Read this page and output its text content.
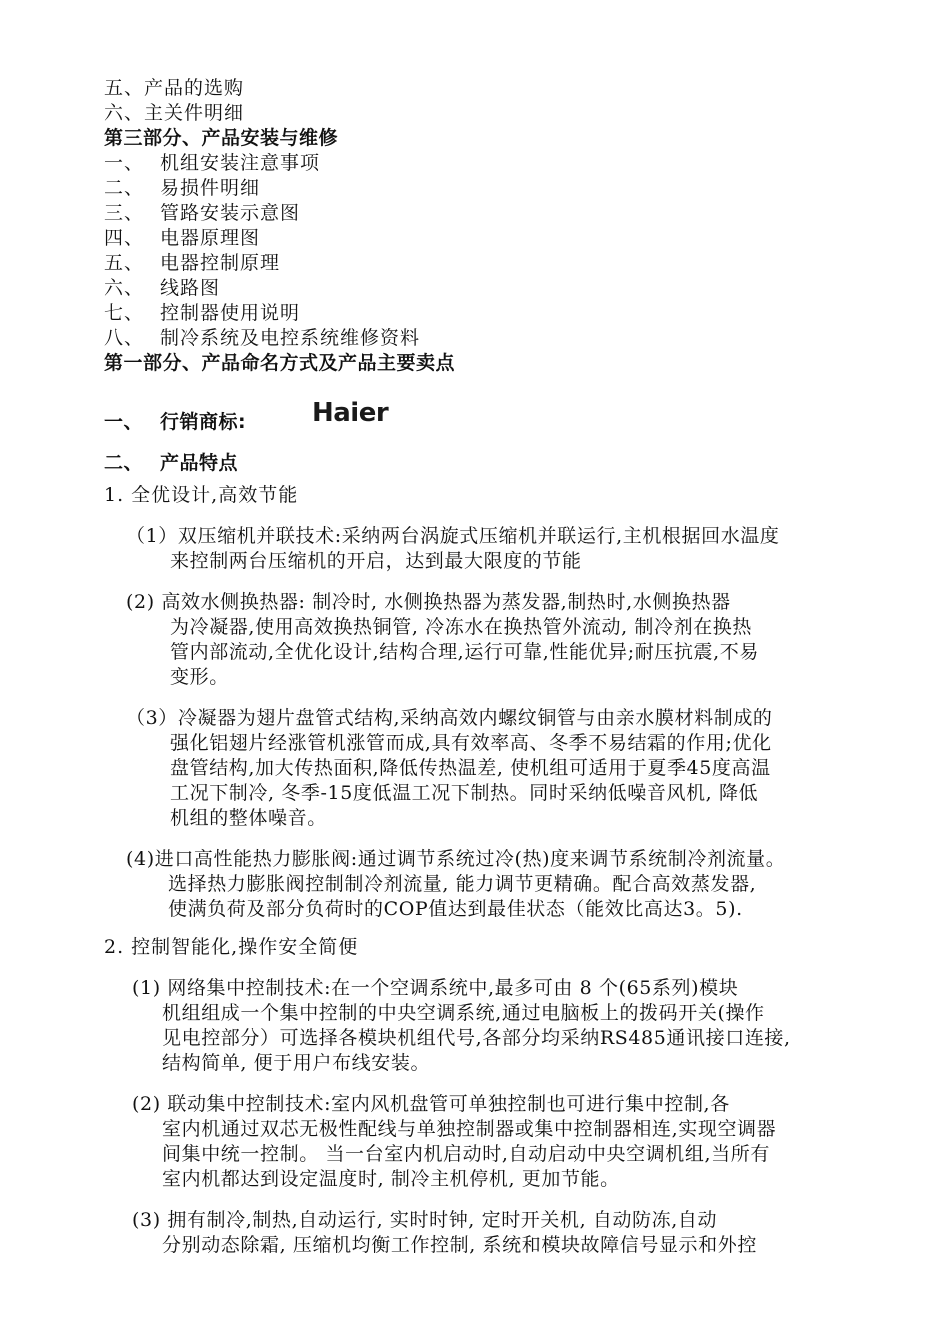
五、产品的选购
六、主关件明细
第三部分、产品安装与维修
一、 机组安装注意事项
二、 易损件明细
三、 管路安装示意图
四、 电器原理图
五、 电器控制原理
六、 线路图
七、 控制器使用说明
八、 制冷系统及电控系统维修资料
第一部分、产品命名方式及产品主要卖点
一、 行销商标:	Haier
二、 产品特点
1. 全优设计,高效节能
（1）双压缩机并联技术:采纳两台涡旋式压缩机并联运行,主机根据回水温度
来控制两台压缩机的开启，达到最大限度的节能
(2) 高效水侧换热器: 制冷时, 水侧换热器为蒸发器,制热时,水侧换热器
为冷凝器,使用高效换热铜管, 冷冻水在换热管外流动, 制冷剂在换热
管内部流动,全优化设计,结构合理,运行可靠,性能优异;耐压抗震,不易
变形。
（3）冷凝器为翅片盘管式结构,采纳高效内螺纹铜管与由亲水膜材料制成的
强化铝翅片经涨管机涨管而成,具有效率高、冬季不易结霜的作用;优化
盘管结构,加大传热面积,降低传热温差, 使机组可适用于夏季45度高温
工况下制冷, 冬季-15度低温工况下制热。同时采纳低噪音风机, 降低
机组的整体噪音。
(4)进口高性能热力膨胀阀:通过调节系统过冷(热)度来调节系统制冷剂流量。
选择热力膨胀阀控制制冷剂流量, 能力调节更精确。配合高效蒸发器,
使满负荷及部分负荷时的COP值达到最佳状态（能效比高达3。5).
2. 控制智能化,操作安全简便
(1) 网络集中控制技术:在一个空调系统中,最多可由 8 个(65系列)模块
机组组成一个集中控制的中央空调系统,通过电脑板上的拨码开关(操作
见电控部分）可选择各模块机组代号,各部分均采纳RS485通讯接口连接,
结构简单, 便于用户布线安装。
(2) 联动集中控制技术:室内风机盘管可单独控制也可进行集中控制,各
室内机通过双芯无极性配线与单独控制器或集中控制器相连,实现空调器
间集中统一控制。 当一台室内机启动时,自动启动中央空调机组,当所有
室内机都达到设定温度时, 制冷主机停机, 更加节能。
(3) 拥有制冷,制热,自动运行, 实时时钟, 定时开关机, 自动防冻,自动
分别动态除霜, 压缩机均衡工作控制, 系统和模块故障信号显示和外控
